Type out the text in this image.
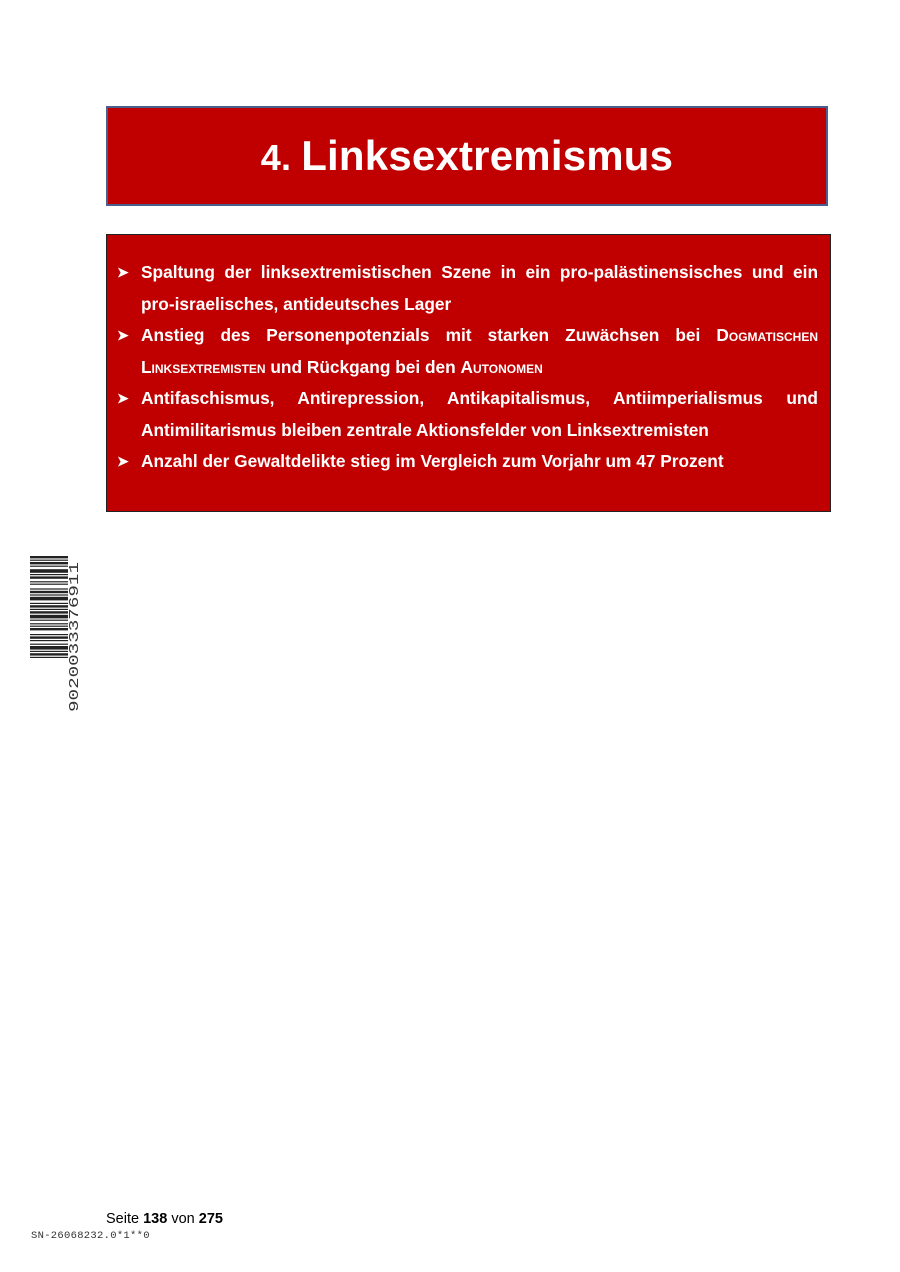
4. Linksextremismus
➤ Spaltung der linksextremistischen Szene in ein pro-palästinensisches und ein pro-israelisches, antideutsches Lager
➤ Anstieg des Personenpotenzials mit starken Zuwächsen bei Dogmatischen Linksextremisten und Rückgang bei den Autonomen
➤ Antifaschismus, Antirepression, Antikapitalismus, Antiimperialismus und Antimilitarismus bleiben zentrale Aktionsfelder von Linksextremisten
➤ Anzahl der Gewaltdelikte stieg im Vergleich zum Vorjahr um 47 Prozent
9020033376911
Seite 138 von 275
SN-26068232.0*1**0
